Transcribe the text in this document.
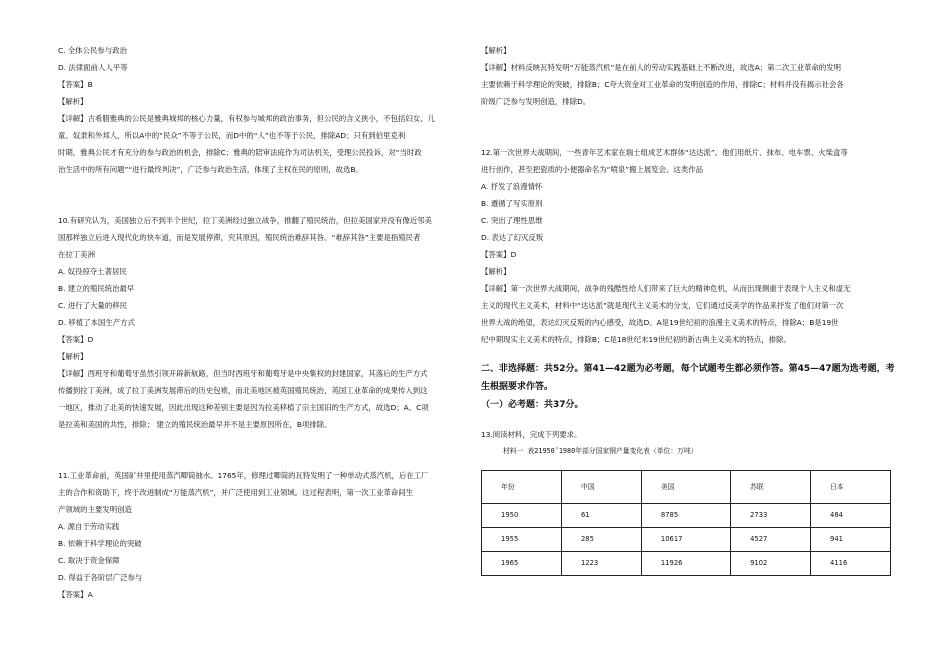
C. 全体公民参与政治
D. 法律面前人人平等
【答案】B
【解析】
【详解】古希腊雅典的公民是雅典城邦的核心力量，有权参与城邦的政治事务，但公民的含义狭小，不包括妇女、儿
童、奴隶和外邦人，所以A中的“民众”不等于公民，而D中的“人”也不等于公民，排除AD；只有到伯里克利
时期，雅典公民才有充分的参与政治的机会，排除C；雅典的陪审法庭作为司法机关，受理公民投诉，对“当时政
治生活中的所有问题”“进行最终判决”，广泛参与政治生活，体现了主权在民的原则，故选B。
10.有研究认为，美国独立后不到半个世纪，拉丁美洲经过独立战争，推翻了殖民统治，但拉美国家并没有像近邻美
国那样独立后进入现代化的快车道，而是发展停滞，究其原因，殖民统治难辞其咎。“难辞其咎”主要是指殖民者
在拉丁美洲
A. 奴役掠夺土著居民
B. 建立的殖民统治最早
C. 进行了大量的移民
D. 移植了本国生产方式
【答案】D
【解析】
【详解】西班牙和葡萄牙虽然引领开辟新航路，但当时西班牙和葡萄牙是中央集权的封建国家，其落后的生产方式
传播到拉丁美洲，成了拉丁美洲发展滞后的历史包袱，而北美地区被英国殖民统治，英国工业革命的成果传入到这
一地区，推动了北美的快速发展，因此出现这种差别主要是因为拉美移植了宗主国旧的生产方式，故选D；A、C项
是拉美和美国的共性，排除； 建立的殖民统治最早并不是主要原因所在，B项排除。
11.工业革命前，英国矿井里使用蒸汽唧筒抽水。1765年，修理过唧筒的瓦特发明了一种单动式蒸汽机，后在工厂
主的合作和资助下，终于改进制成“万能蒸汽机”，并广泛使用到工业领域。这过程表明，第一次工业革命间生
产领域的主要发明创造
A. 源自于劳动实践
B. 依赖于科学理论的突破
C. 取决于资金保障
D. 得益于各阶层广泛参与
【答案】A
【解析】
【详解】材料反映瓦特发明“万能蒸汽机”是在前人的劳动实践基础上不断改进，故选A；第二次工业革命的发明
主要依赖于科学理论的突破，排除B；C夸大资金对工业革命的发明创造的作用，排除C；材料并没有揭示社会各
阶级广泛参与发明创造，排除D。
12.第一次世界大战期间，一些青年艺术家在瑞士组成艺术群体“达达派”。他们用纸片、抹布、电车票、火柴盒等
进行创作，甚至把瓷质的小便器命名为“喷泉”搬上展览会。这类作品
A. 抒发了浪漫情怀
B. 遵循了写实原则
C. 突出了理性思维
D. 表达了幻灭反叛
【答案】D
【解析】
【详解】第一次世界大战期间，战争的残酷性给人们带来了巨大的精神危机，从而出现侧重于表现个人主义和虚无
主义的现代主义美术，材料中“达达派”就是现代主义美术的分支，它们通过反美学的作品来抒发了他们对第一次
世界大战的绝望，表达幻灭反叛的内心感受，故选D。A是19世纪初的浪漫主义美术的特点，排除A；B是19世
纪中期现实主义美术的特点，排除B；C是18世纪末19世纪初的新古典主义美术的特点，排除。
二、非选择题：共52分。第41—42题为必考题，每个试题考生都必须作答。第45—47题为选考题，考
生根据要求作答。
（一）必考题：共37分。
13.阅读材料，完成下列要求。
材料一 表21950˜1980年部分国家钢产量变化表（单位：万吨）
年份	中国	美国	苏联	日本
1950	61	8785	2733	484
1955	285	10617	4527	941
1965	1223	11926	9102	4116
